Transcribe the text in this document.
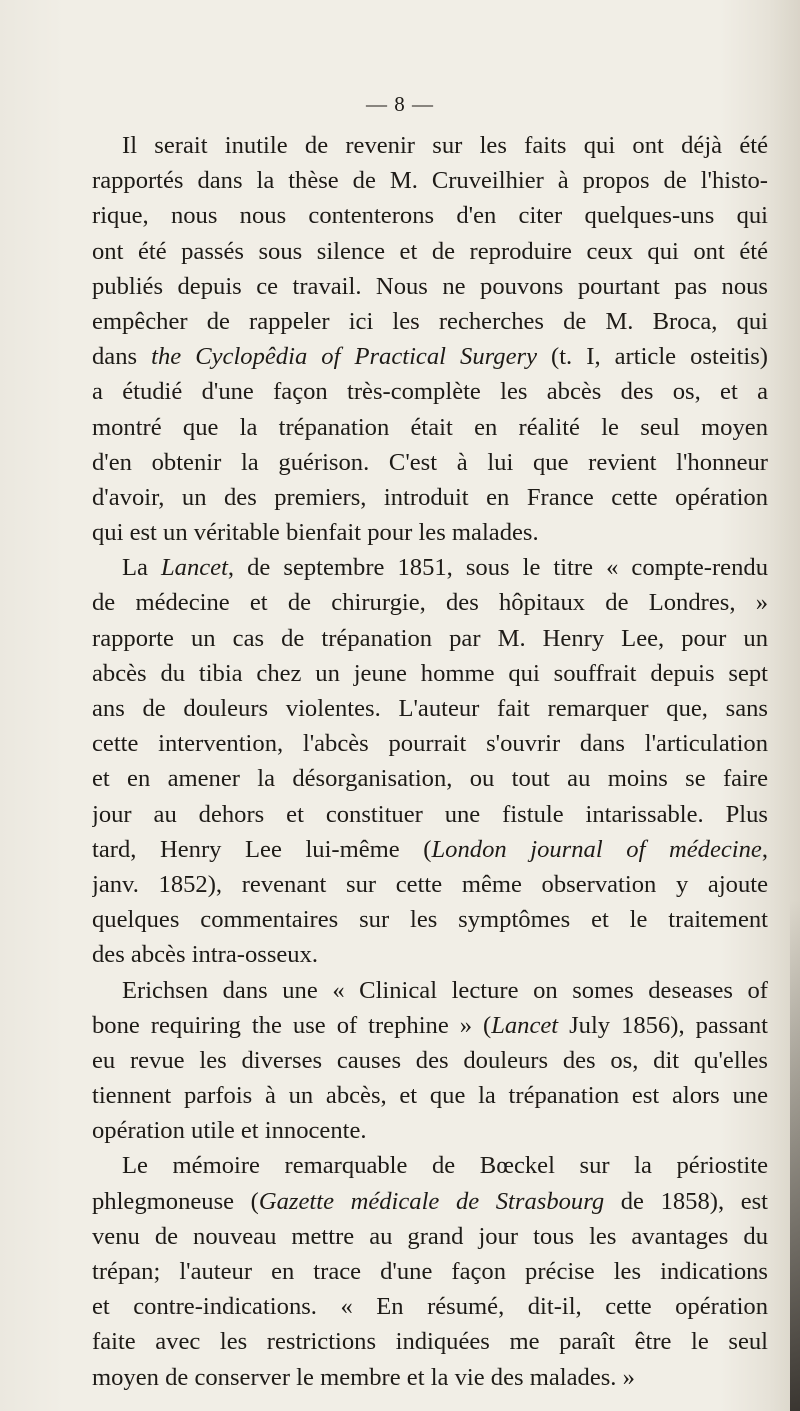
— 8 —
Il serait inutile de revenir sur les faits qui ont déjà été
rapportés dans la thèse de M. Cruveilhier à propos de l'histo-
rique, nous nous contenterons d'en citer quelques-uns qui
ont été passés sous silence et de reproduire ceux qui ont été
publiés depuis ce travail. Nous ne pouvons pourtant pas nous
empêcher de rappeler ici les recherches de M. Broca, qui
dans the Cyclopêdia of Practical Surgery (t. I, article osteitis)
a étudié d'une façon très-complète les abcès des os, et a
montré que la trépanation était en réalité le seul moyen
d'en obtenir la guérison. C'est à lui que revient l'honneur
d'avoir, un des premiers, introduit en France cette opération
qui est un véritable bienfait pour les malades.
La Lancet, de septembre 1851, sous le titre « compte-rendu
de médecine et de chirurgie, des hôpitaux de Londres, »
rapporte un cas de trépanation par M. Henry Lee, pour un
abcès du tibia chez un jeune homme qui souffrait depuis sept
ans de douleurs violentes. L'auteur fait remarquer que, sans
cette intervention, l'abcès pourrait s'ouvrir dans l'articulation
et en amener la désorganisation, ou tout au moins se faire
jour au dehors et constituer une fistule intarissable. Plus
tard, Henry Lee lui-même (London journal of médecine,
janv. 1852), revenant sur cette même observation y ajoute
quelques commentaires sur les symptômes et le traitement
des abcès intra-osseux.
Erichsen dans une « Clinical lecture on somes deseases of
bone requiring the use of trephine » (Lancet July 1856), passant
eu revue les diverses causes des douleurs des os, dit qu'elles
tiennent parfois à un abcès, et que la trépanation est alors une
opération utile et innocente.
Le mémoire remarquable de Bœckel sur la périostite
phlegmoneuse (Gazette médicale de Strasbourg de 1858), est
venu de nouveau mettre au grand jour tous les avantages du
trépan; l'auteur en trace d'une façon précise les indications
et contre-indications. « En résumé, dit-il, cette opération
faite avec les restrictions indiquées me paraît être le seul
moyen de conserver le membre et la vie des malades. »
